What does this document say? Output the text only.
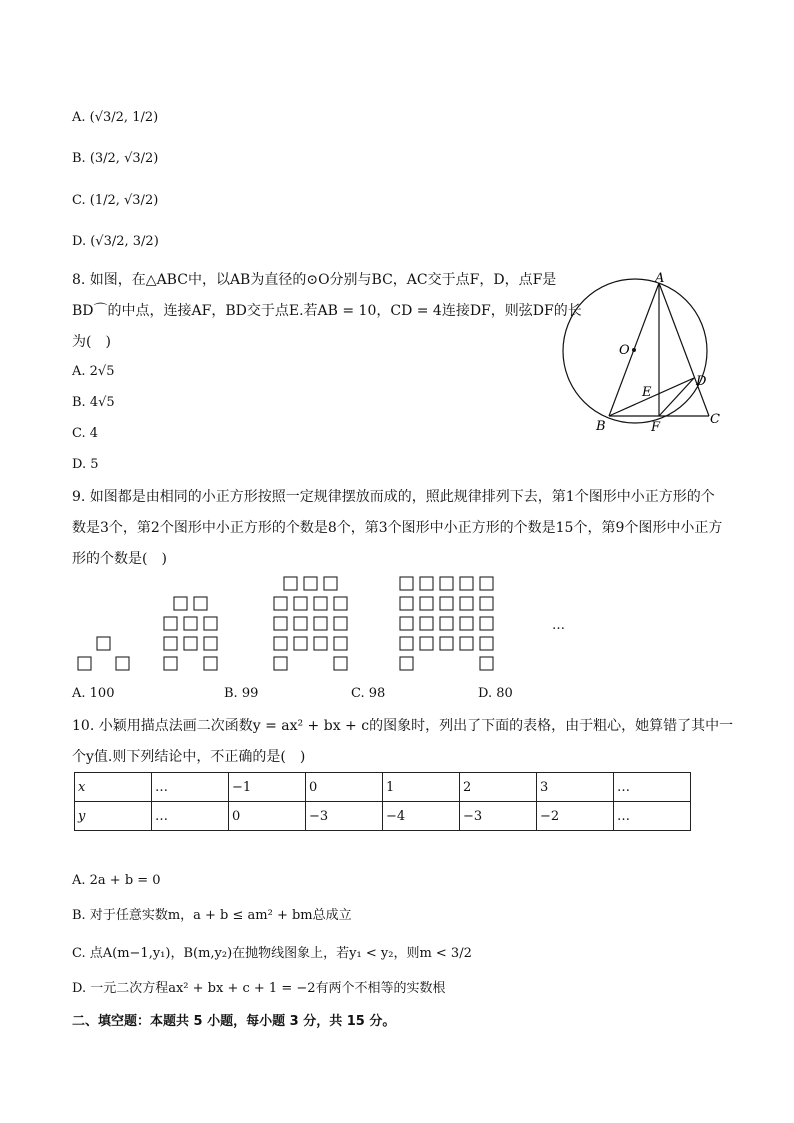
A. (√3/2, 1/2)
B. (3/2, √3/2)
C. (1/2, √3/2)
D. (√3/2, 3/2)
8. 如图，在△ABC中，以AB为直径的⊙O分别与BC，AC交于点F，D，点F是
BD⌒的中点，连接AF，BD交于点E.若AB = 10，CD = 4连接DF，则弦DF的长
为(　)
A. 2√5
B. 4√5
C. 4
D. 5
A
O
D
E
B	F
C
9. 如图都是由相同的小正方形按照一定规律摆放而成的，照此规律排列下去，第1个图形中小正方形的个
数是3个，第2个图形中小正方形的个数是8个，第3个图形中小正方形的个数是15个，第9个图形中小正方
形的个数是(　)
…
A. 100	B. 99	C. 98	D. 80
10. 小颖用描点法画二次函数y = ax² + bx + c的图象时，列出了下面的表格，由于粗心，她算错了其中一
个y值.则下列结论中，不正确的是(　)
x	…	−1	0	1	2	3	…
y	…	0	−3	−4	−3	−2	…
A. 2a + b = 0
B. 对于任意实数m，a + b ≤ am² + bm总成立
C. 点A(m−1,y₁)，B(m,y₂)在抛物线图象上，若y₁ < y₂，则m < 3/2
D. 一元二次方程ax² + bx + c + 1 = −2有两个不相等的实数根
二、填空题：本题共 5 小题，每小题 3 分，共 15 分。
